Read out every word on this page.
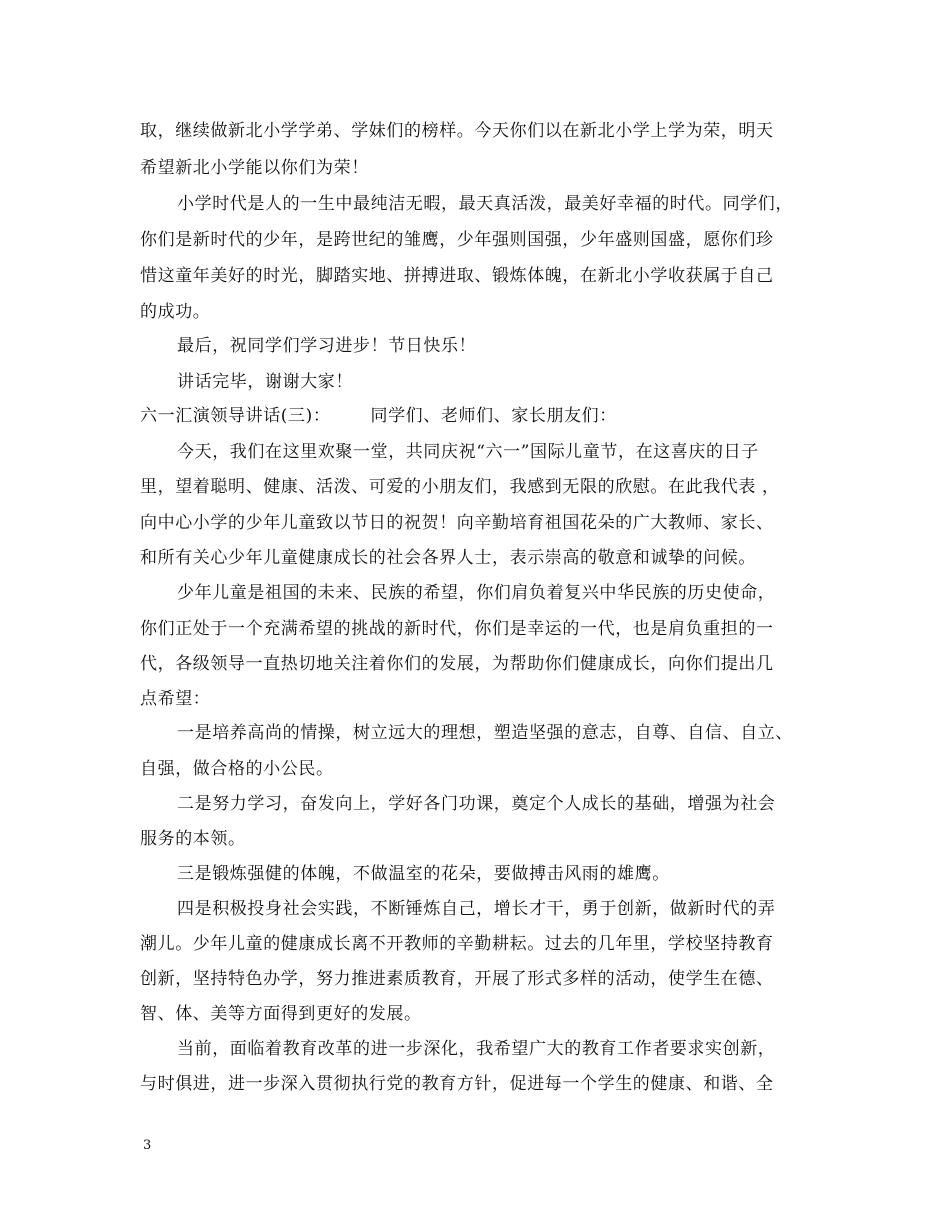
取，继续做新北小学学弟、学妹们的榜样。今天你们以在新北小学上学为荣，明天
希望新北小学能以你们为荣！
小学时代是人的一生中最纯洁无暇，最天真活泼，最美好幸福的时代。同学们，
你们是新时代的少年，是跨世纪的雏鹰，少年强则国强，少年盛则国盛，愿你们珍
惜这童年美好的时光，脚踏实地、拼搏进取、锻炼体魄，在新北小学收获属于自己
的成功。
最后，祝同学们学习进步！节日快乐！
讲话完毕，谢谢大家！
六一汇演领导讲话(三)： 同学们、老师们、家长朋友们：
今天，我们在这里欢聚一堂，共同庆祝“六一”国际儿童节，在这喜庆的日子
里，望着聪明、健康、活泼、可爱的小朋友们，我感到无限的欣慰。在此我代表 ，
向中心小学的少年儿童致以节日的祝贺！向辛勤培育祖国花朵的广大教师、家长、
和所有关心少年儿童健康成长的社会各界人士，表示崇高的敬意和诚挚的问候。
少年儿童是祖国的未来、民族的希望，你们肩负着复兴中华民族的历史使命，
你们正处于一个充满希望的挑战的新时代，你们是幸运的一代，也是肩负重担的一
代，各级领导一直热切地关注着你们的发展，为帮助你们健康成长，向你们提出几
点希望：
一是培养高尚的情操，树立远大的理想，塑造坚强的意志，自尊、自信、自立、
自强，做合格的小公民。
二是努力学习，奋发向上，学好各门功课，奠定个人成长的基础，增强为社会
服务的本领。
三是锻炼强健的体魄，不做温室的花朵，要做搏击风雨的雄鹰。
四是积极投身社会实践，不断锤炼自己，增长才干，勇于创新，做新时代的弄
潮儿。少年儿童的健康成长离不开教师的辛勤耕耘。过去的几年里，学校坚持教育
创新，坚持特色办学，努力推进素质教育，开展了形式多样的活动，使学生在德、
智、体、美等方面得到更好的发展。
当前，面临着教育改革的进一步深化，我希望广大的教育工作者要求实创新，
与时俱进，进一步深入贯彻执行党的教育方针，促进每一个学生的健康、和谐、全
3
